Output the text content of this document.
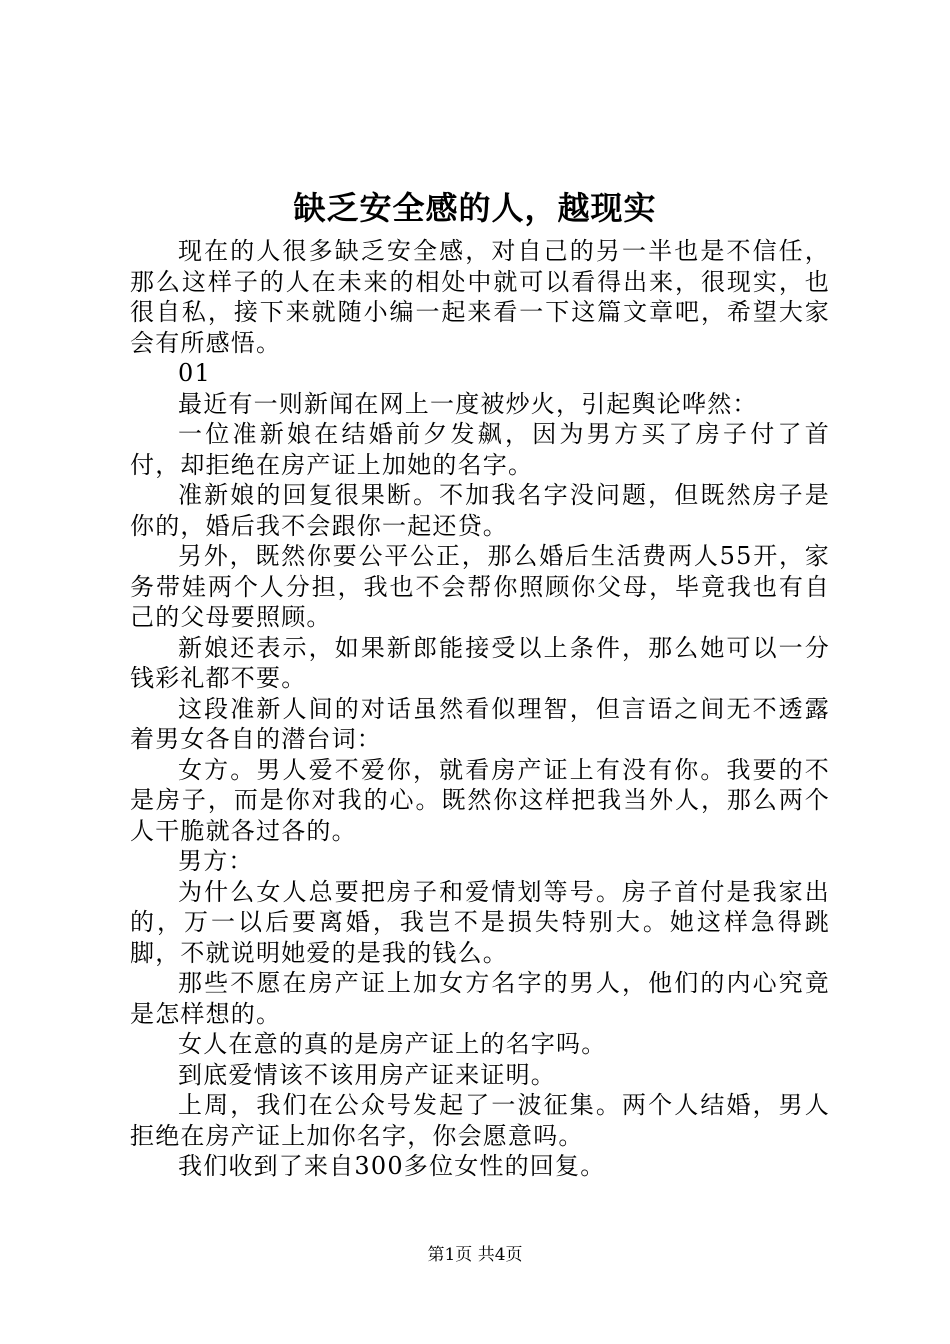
缺乏安全感的人，越现实

现在的人很多缺乏安全感，对自己的另一半也是不信任，那么这样子的人在未来的相处中就可以看得出来，很现实，也很自私，接下来就随小编一起来看一下这篇文章吧，希望大家会有所感悟。

01

最近有一则新闻在网上一度被炒火，引起舆论哗然：

一位准新娘在结婚前夕发飙，因为男方买了房子付了首付，却拒绝在房产证上加她的名字。

准新娘的回复很果断。不加我名字没问题，但既然房子是你的，婚后我不会跟你一起还贷。

另外，既然你要公平公正，那么婚后生活费两人55开，家务带娃两个人分担，我也不会帮你照顾你父母，毕竟我也有自己的父母要照顾。

新娘还表示，如果新郎能接受以上条件，那么她可以一分钱彩礼都不要。

这段准新人间的对话虽然看似理智，但言语之间无不透露着男女各自的潜台词：

女方。男人爱不爱你，就看房产证上有没有你。我要的不是房子，而是你对我的心。既然你这样把我当外人，那么两个人干脆就各过各的。

男方：

为什么女人总要把房子和爱情划等号。房子首付是我家出的，万一以后要离婚，我岂不是损失特别大。她这样急得跳脚，不就说明她爱的是我的钱么。

那些不愿在房产证上加女方名字的男人，他们的内心究竟是怎样想的。

女人在意的真的是房产证上的名字吗。

到底爱情该不该用房产证来证明。

上周，我们在公众号发起了一波征集。两个人结婚，男人拒绝在房产证上加你名字，你会愿意吗。

我们收到了来自300多位女性的回复。

第1页 共4页
